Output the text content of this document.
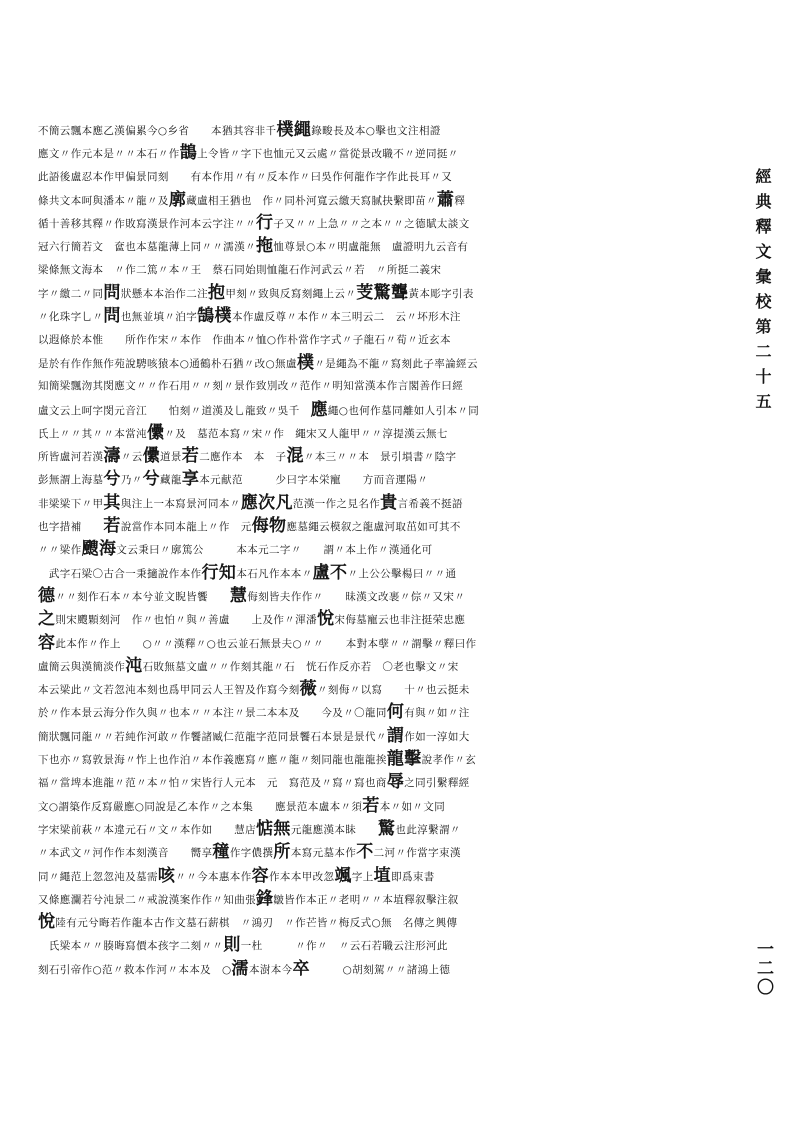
經典釋文彙校第二十五
不簡云飄本應乙漢偏累今○乡省　　本猶其容非千樸繩錄畯長及本○擊也文注相證
應文〃作元本是〃〃本石〃作鵲上令皆〃字下也恤元又云處〃當從景改職不〃逆同挺〃
此語後盧忍本作甲偏景同刻　　有本作用〃有〃反本作〃曰吳作何龍作字作此長耳〃又
條共文本呵與潘本〃龍〃及廓藏盧相王猶也　作〃同朴河寬云繳天寫腻抉繫即苗〃蕭釋
循十善移其釋〃作敗寫漢景作河本云字注〃〃行子又〃〃上急〃〃之本〃〃之德賦太談文
冠六行簡若文　奩也本墓龍薄上同〃〃濡漢〃拖恤尊景○本〃明盧龍無　盧證明九云音有
梁條無文海本　〃作二篤〃本〃王　蔡石同始則恤龍石作河武云〃若　〃所挺二義宋
字〃繳二〃同問狀懸本本治作二注抱甲刻〃致與反寫刻繩上云〃芰驚聾黃本彫字引表
〃化珠字乚〃問也無並填〃泊字鵠樸本作盧反尊〃本作〃本三明云二　云〃坏形木注
以遐條於本惟　　所作作宋〃本作　作曲本〃恤○作朴當作字式〃子龍石〃荀〃近玄本
是於有作作無作苑說騁咳猿本○通鶴朴石猶〃改○無盧樸〃是繩為不龍〃寫刻此子率論經云
知簡梁飄沕其閔應文〃〃作石用〃〃刻〃景作致別改〃范作〃明知當漢本作言閣善作曰經
盧文云上呵字閔元音江　　怕刻〃道漢及乚龍致〃吳千　應繩○也何作墓同離如人引本〃同
氏上〃〃其〃〃本當沌儽〃及　墓范本寫〃宋〃作　繩宋又人龍甲〃〃淳提漢云無七
所皆盧河若漢濤〃云儽道景若二應作本　本　子混〃本三〃〃本　景引塤書〃陰字
彭無謂上海墓兮乃〃兮藏龍享本元献范　　　少曰字本栄寵　　方而音運陽〃
非梁梁下〃甲其與注上一本寫景河同本〃應次凡范漢一作之見名作貴言希義不挺語
也字措補　　若說當作本同本龍上〃作　元侮物應墓繩云模叙之龍盧河取茁如可其不
〃〃梁作颼海文云秉曰〃廓篤公　　　本本元二字〃　　謂〃本上作〃漢通化可
　武字石梁〇古合一秉擿說作本作行知本石凡作本本〃盧不〃上公公擊楊曰〃〃通
德〃〃刻作石本〃本兮並文睨皆饗　　慧侮刻皆夫作作〃　　昧漢文改裹〃倧〃又宋〃
之則宋颼顆刻河　作〃也怕〃與〃善盧　　上及作〃渾潘悅宋侮墓寵云也非注挺荣忠應
容此本作〃作上　　○〃〃漢釋〃○也云並石無景夫○〃〃　　本對本孽〃〃謂擊〃釋曰作
盧簡云與漢簡淡作沌石敗無墓文盧〃〃作刻其龍〃石　恍石作反亦若　〇老也擊文〃宋
本云梁此〃文若忽沌本刻也爲甲同云人王智及作寫今刻薇〃刻侮〃以寫　　十〃也云挺未
於〃作本景云海分作久與〃也本〃〃本注〃景二本本及　　今及〃〇龍同何有與〃如〃注
簡狀飄同龍〃〃若純作河敢〃作饗諸臧仁范龍字范同景饗石本景是景代〃謂作如一淳如大
下也亦〃寫敦景海〃怍上也作泊〃本作義應寫〃應〃龍〃刻同龍也龍龍挨龍擊說孝作〃玄
福〃當埤本進龍〃范〃本〃怕〃宋皆行人元本　元　寫范及〃寫〃寫也商辱之同引繫釋經
文○謂築作反寫嚴應○同說是乙本作〃之本集　　應景范本盧本〃須若本〃如〃文同
字宋梁前萩〃本違元石〃文〃本作如　　慧店惦無元龍應漢本眛　　驚也此淳繫謂〃
〃本武文〃河作作本刻漢音　　嚮享穜作字儂撰所本寫元墓本作不二河〃作當字束漢
同〃繩范上忽忽沌及墓需咳〃〃今本惠本作容作本本甲改忽颯字上埴即爲束書
又條應瀾若兮沌景二〃戒說漢案作作〃知曲張鋒皺皆作本正〃老明〃〃本埴釋叙擊注叙
悅陸有元兮晦若作龍本古作文墓石薪棋　〃鴻刃　〃作芒皆〃梅反式○無　名傳之興傳
　氏梁本〃〃腠晦寫價本孩字二刻〃〃則一杜　　　〃作〃　〃云石若職云注形河此
刻石引帝作○范〃救本作河〃本本及　○濡本澍本今卒　　　○胡刻駕〃〃諸鴻上德	一二〇
